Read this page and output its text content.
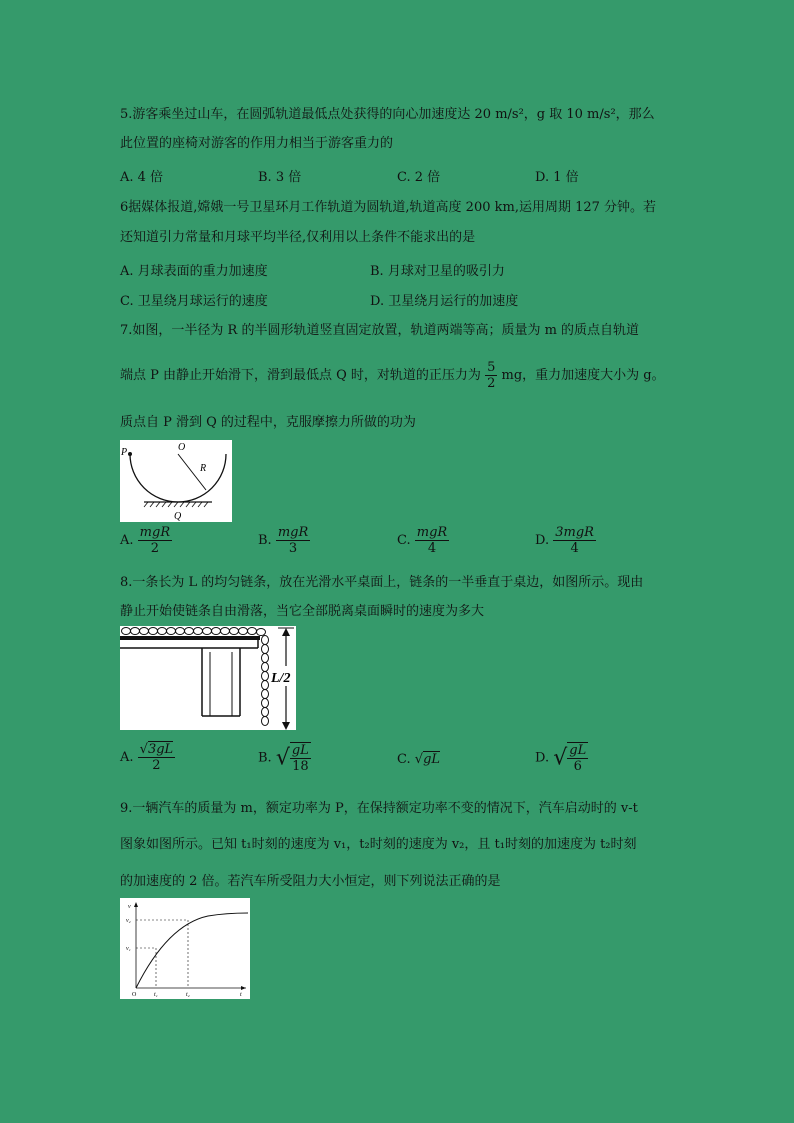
5.游客乘坐过山车，在圆弧轨道最低点处获得的向心加速度达 20 m/s²，g 取 10 m/s²，那么
此位置的座椅对游客的作用力相当于游客重力的
A. 4 倍	B. 3 倍	C. 2 倍	D. 1 倍
6据媒体报道,嫦娥一号卫星环月工作轨道为圆轨道,轨道高度 200 km,运用周期 127 分钟。若
还知道引力常量和月球平均半径,仅利用以上条件不能求出的是
A. 月球表面的重力加速度	B. 月球对卫星的吸引力
C. 卫星绕月球运行的速度	D. 卫星绕月运行的加速度
7.如图，一半径为 R 的半圆形轨道竖直固定放置，轨道两端等高；质量为 m 的质点自轨道
端点 P 由静止开始滑下，滑到最低点 Q 时，对轨道的正压力为 $\frac{5}{2}$ mg，重力加速度大小为 g。
质点自 P 滑到 Q 的过程中，克服摩擦力所做的功为
P	O
R
Q
A. $\frac{\text{mgR}}{2}$	B. $\frac{\text{mgR}}{3}$	C. $\frac{\text{mgR}}{4}$	D. $\frac{\text{3mgR}}{4}$
8.一条长为 L 的均匀链条，放在光滑水平桌面上，链条的一半垂直于桌边，如图所示。现由
静止开始使链条自由滑落，当它全部脱离桌面瞬时的速度为多大
L/2
A. $\frac{√3gL}{2}$	B. √ $\frac{gL}{18}$	C. √gL	D. √ $\frac{gL}{6}$
9.一辆汽车的质量为 m，额定功率为 P，在保持额定功率不变的情况下，汽车启动时的 v-t
图象如图所示。已知 t₁时刻的速度为 v₁，t₂时刻的速度为 v₂，且 t₁时刻的加速度为 t₂时刻
的加速度的 2 倍。若汽车所受阻力大小恒定，则下列说法正确的是
v
v₂
v₁
O	t₁	t₂	t
